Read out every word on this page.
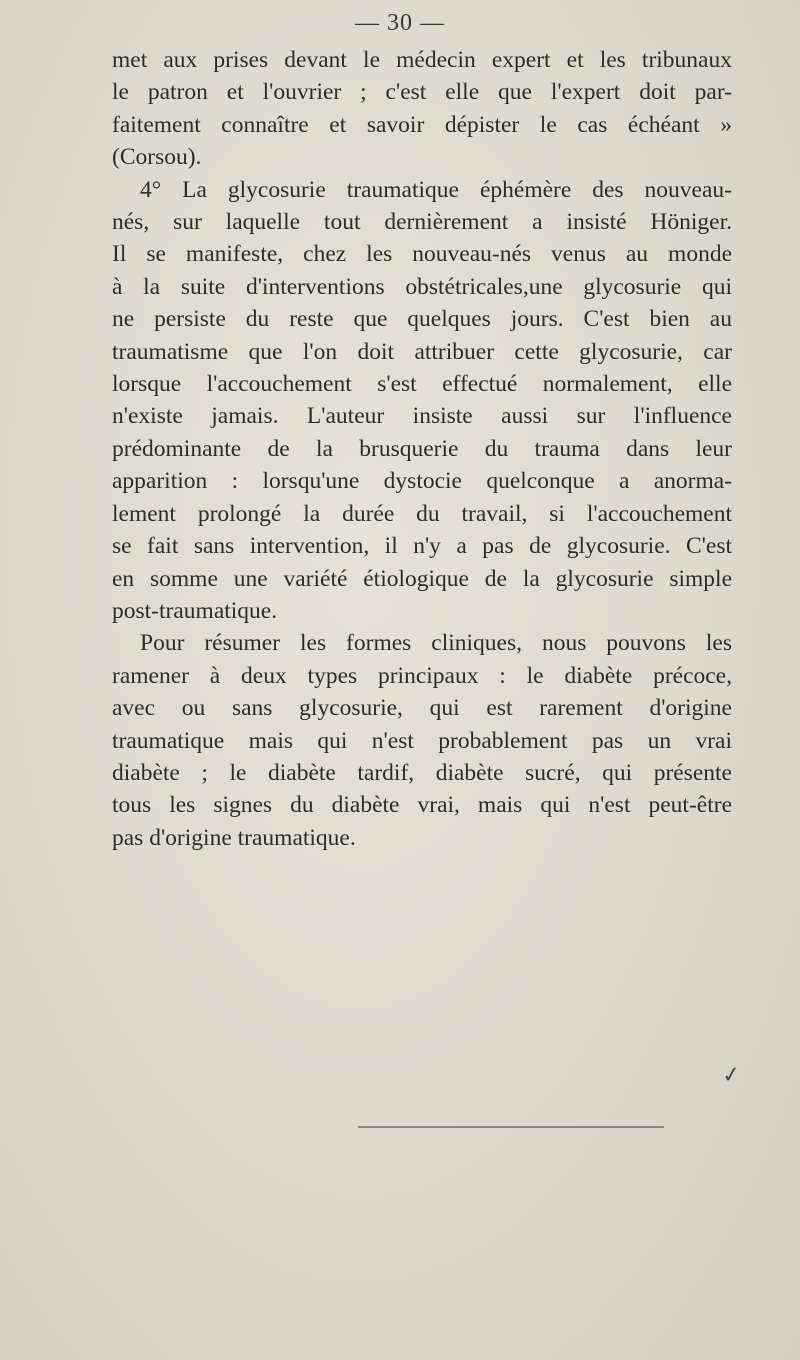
— 30 —
met aux prises devant le médecin expert et les tribunaux
le patron et l'ouvrier ; c'est elle que l'expert doit par-
faitement connaître et savoir dépister le cas échéant »
(Corsou).
4° La glycosurie traumatique éphémère des nouveau-
nés, sur laquelle tout dernièrement a insisté Höniger.
Il se manifeste, chez les nouveau-nés venus au monde
à la suite d'interventions obstétricales,une glycosurie qui
ne persiste du reste que quelques jours. C'est bien au
traumatisme que l'on doit attribuer cette glycosurie, car
lorsque l'accouchement s'est effectué normalement, elle
n'existe jamais. L'auteur insiste aussi sur l'influence
prédominante de la brusquerie du trauma dans leur
apparition : lorsqu'une dystocie quelconque a anorma-
lement prolongé la durée du travail, si l'accouchement
se fait sans intervention, il n'y a pas de glycosurie. C'est
en somme une variété étiologique de la glycosurie simple
post-traumatique.
Pour résumer les formes cliniques, nous pouvons les
ramener à deux types principaux : le diabète précoce,
avec ou sans glycosurie, qui est rarement d'origine
traumatique mais qui n'est probablement pas un vrai
diabète ; le diabète tardif, diabète sucré, qui présente
tous les signes du diabète vrai, mais qui n'est peut-être
pas d'origine traumatique.
✓
